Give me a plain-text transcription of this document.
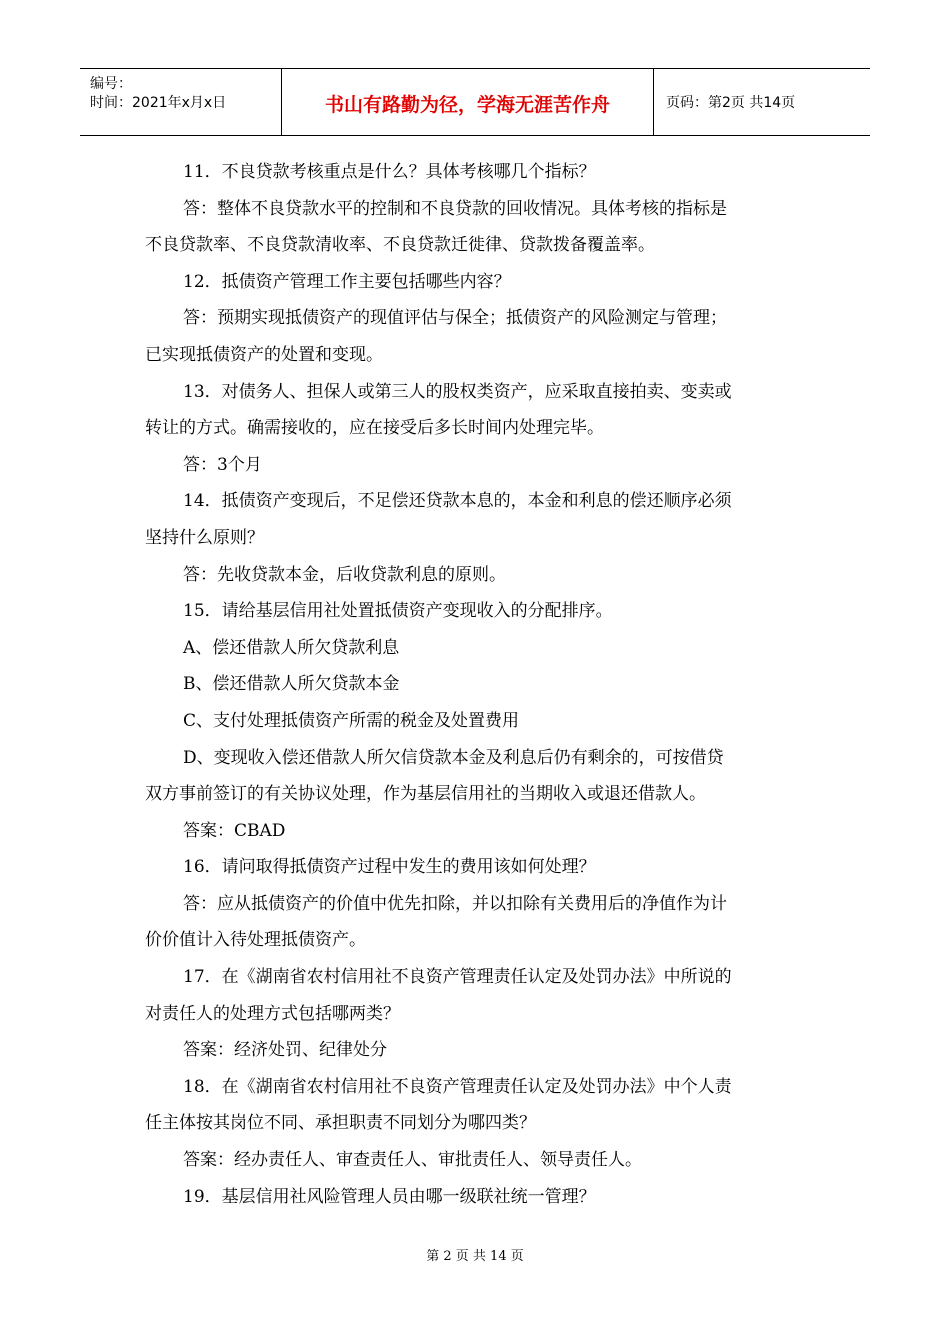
编号：
时间：2021年x月x日	书山有路勤为径，学海无涯苦作舟	页码：第2页 共14页

11．不良贷款考核重点是什么？具体考核哪几个指标？

答：整体不良贷款水平的控制和不良贷款的回收情况。具体考核的指标是

不良贷款率、不良贷款清收率、不良贷款迁徙律、贷款拨备覆盖率。

12．抵债资产管理工作主要包括哪些内容？

答：预期实现抵债资产的现值评估与保全；抵债资产的风险测定与管理；

已实现抵债资产的处置和变现。

13．对债务人、担保人或第三人的股权类资产，应采取直接拍卖、变卖或

转让的方式。确需接收的，应在接受后多长时间内处理完毕。

答：3个月

14．抵债资产变现后，不足偿还贷款本息的，本金和利息的偿还顺序必须

坚持什么原则？

答：先收贷款本金，后收贷款利息的原则。

15．请给基层信用社处置抵债资产变现收入的分配排序。

A、偿还借款人所欠贷款利息

B、偿还借款人所欠贷款本金

C、支付处理抵债资产所需的税金及处置费用

D、变现收入偿还借款人所欠信贷款本金及利息后仍有剩余的，可按借贷

双方事前签订的有关协议处理，作为基层信用社的当期收入或退还借款人。

答案：CBAD

16．请问取得抵债资产过程中发生的费用该如何处理？

答：应从抵债资产的价值中优先扣除，并以扣除有关费用后的净值作为计

价价值计入待处理抵债资产。

17．在《湖南省农村信用社不良资产管理责任认定及处罚办法》中所说的

对责任人的处理方式包括哪两类？

答案：经济处罚、纪律处分

18．在《湖南省农村信用社不良资产管理责任认定及处罚办法》中个人责

任主体按其岗位不同、承担职责不同划分为哪四类？

答案：经办责任人、审查责任人、审批责任人、领导责任人。

19．基层信用社风险管理人员由哪一级联社统一管理？

第 2 页 共 14 页
